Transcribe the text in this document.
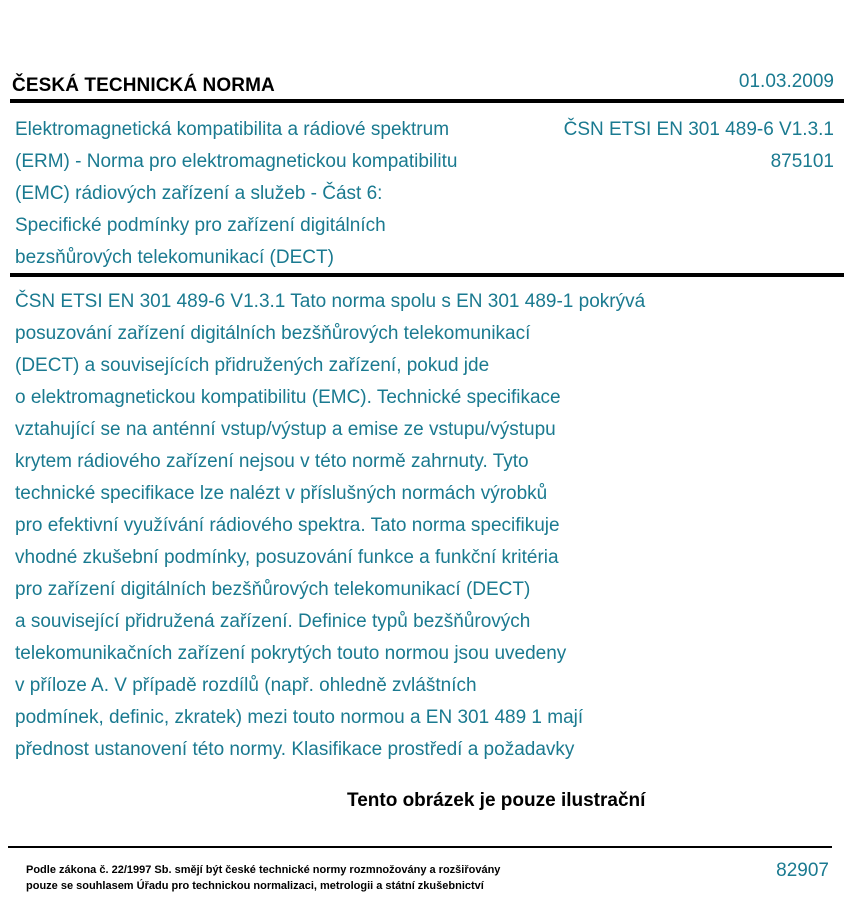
ČESKÁ TECHNICKÁ NORMA	01.03.2009
Elektromagnetická kompatibilita a rádiové spektrum
(ERM) - Norma pro elektromagnetickou kompatibilitu
(EMC) rádiových zařízení a služeb - Část 6:
Specifické podmínky pro zařízení digitálních
bezsňůrových telekomunikací (DECT)
ČSN ETSI EN 301 489-6 V1.3.1
875101
ČSN ETSI EN 301 489-6 V1.3.1 Tato norma spolu s EN 301 489-1 pokrývá
posuzování zařízení digitálních bezšňůrových telekomunikací
(DECT) a souvisejících přidružených zařízení, pokud jde
o elektromagnetickou kompatibilitu (EMC). Technické specifikace
vztahující se na anténní vstup/výstup a emise ze vstupu/výstupu
krytem rádiového zařízení nejsou v této normě zahrnuty. Tyto
technické specifikace lze nalézt v příslušných normách výrobků
pro efektivní využívání rádiového spektra. Tato norma specifikuje
vhodné zkušební podmínky, posuzování funkce a funkční kritéria
pro zařízení digitálních bezšňůrových telekomunikací (DECT)
a související přidružená zařízení. Definice typů bezšňůrových
telekomunikačních zařízení pokrytých touto normou jsou uvedeny
v příloze A. V případě rozdílů (např. ohledně zvláštních
podmínek, definic, zkratek) mezi touto normou a EN 301 489 1 mají
přednost ustanovení této normy. Klasifikace prostředí a požadavky
Tento obrázek je pouze ilustrační
Podle zákona č. 22/1997 Sb. smějí být české technické normy rozmnožovány a rozšiřovány
pouze se souhlasem Úřadu pro technickou normalizaci, metrologii a státní zkušebnictví
82907
